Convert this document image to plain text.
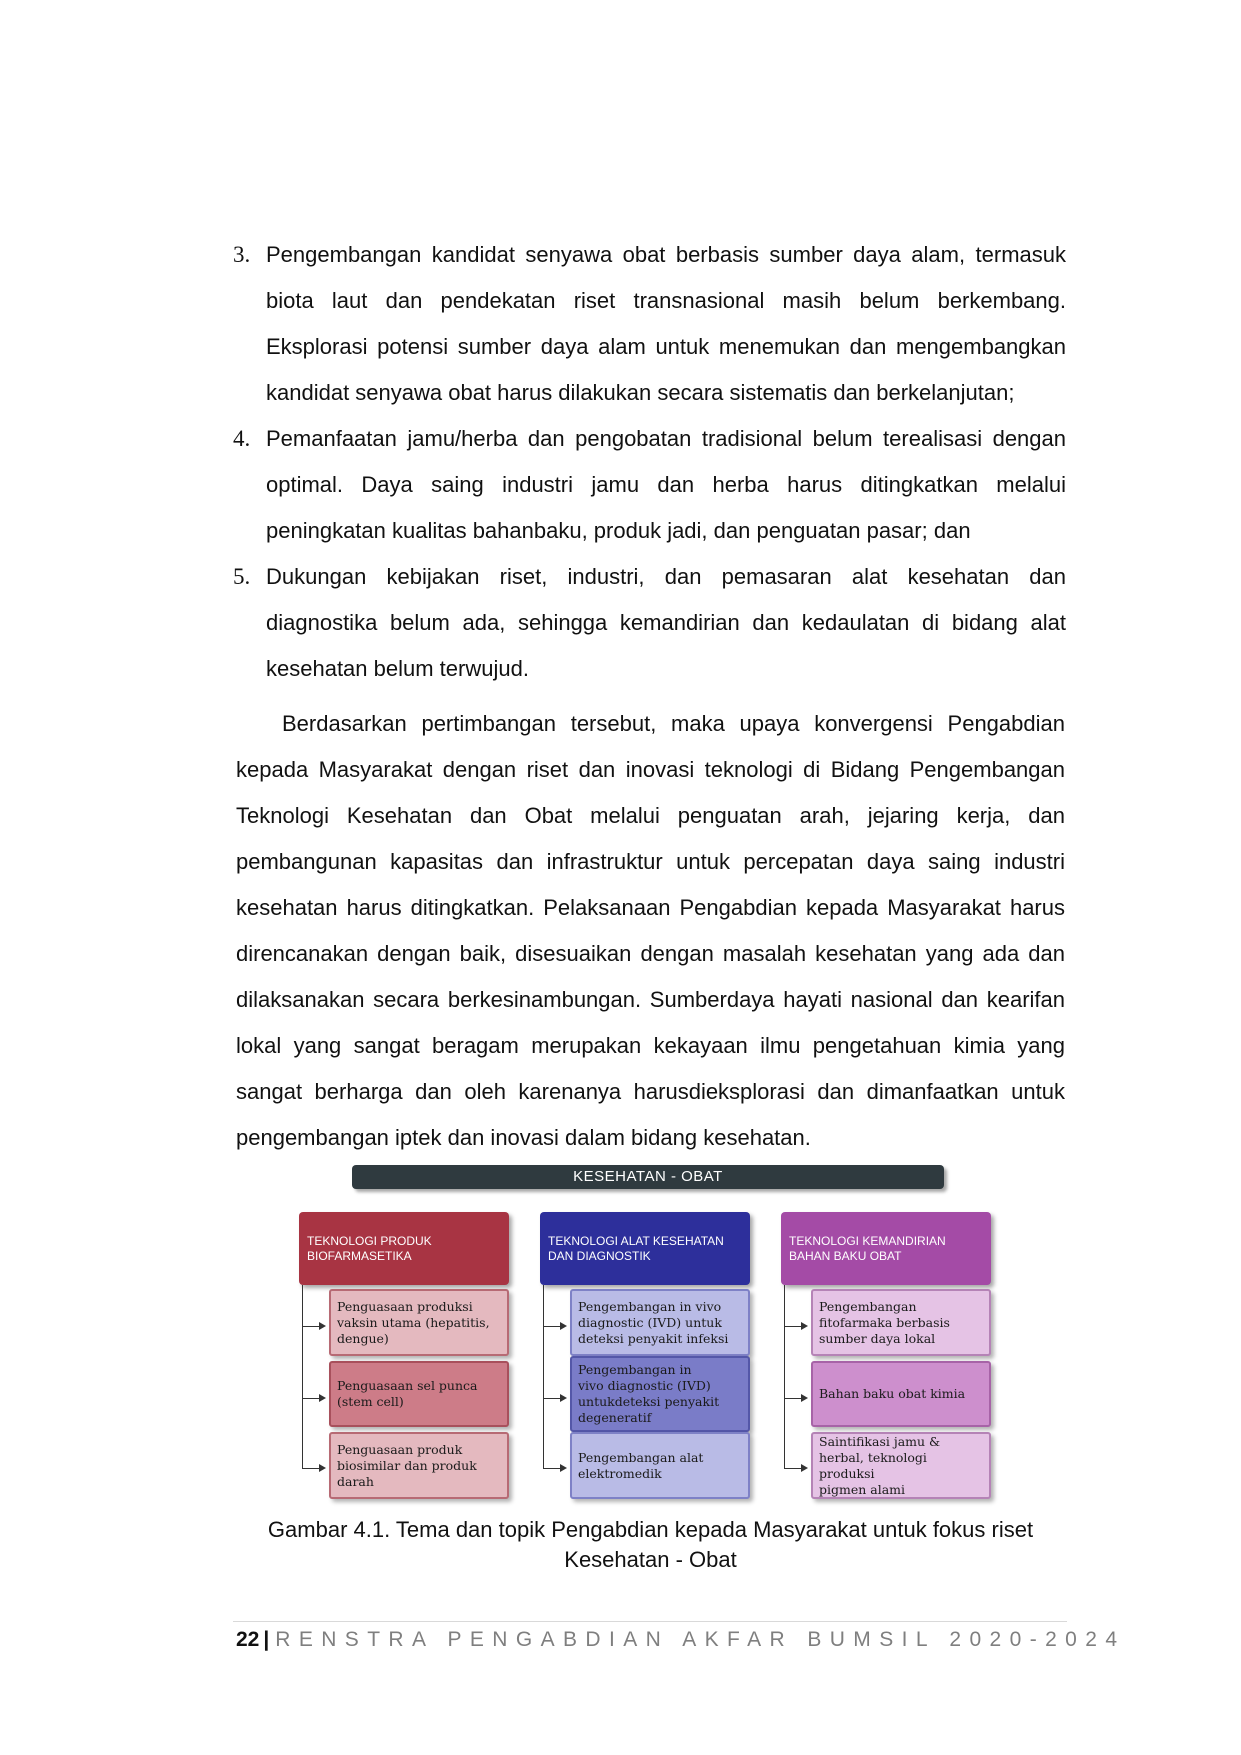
3. Pengembangan kandidat senyawa obat berbasis sumber daya alam, termasuk biota laut dan pendekatan riset transnasional masih belum berkembang. Eksplorasi potensi sumber daya alam untuk menemukan dan mengembangkan kandidat senyawa obat harus dilakukan secara sistematis dan berkelanjutan;
4. Pemanfaatan jamu/herba dan pengobatan tradisional belum terealisasi dengan optimal. Daya saing industri jamu dan herba harus ditingkatkan melalui peningkatan kualitas bahanbaku, produk jadi, dan penguatan pasar; dan
5. Dukungan kebijakan riset, industri, dan pemasaran alat kesehatan dan diagnostika belum ada, sehingga kemandirian dan kedaulatan di bidang alat kesehatan belum terwujud.

Berdasarkan pertimbangan tersebut, maka upaya konvergensi Pengabdian kepada Masyarakat dengan riset dan inovasi teknologi di Bidang Pengembangan Teknologi Kesehatan dan Obat melalui penguatan arah, jejaring kerja, dan pembangunan kapasitas dan infrastruktur untuk percepatan daya saing industri kesehatan harus ditingkatkan. Pelaksanaan Pengabdian kepada Masyarakat harus direncanakan dengan baik, disesuaikan dengan masalah kesehatan yang ada dan dilaksanakan secara berkesinambungan. Sumberdaya hayati nasional dan kearifan lokal yang sangat beragam merupakan kekayaan ilmu pengetahuan kimia yang sangat berharga dan oleh karenanya harusdieksplorasi dan dimanfaatkan untuk pengembangan iptek dan inovasi dalam bidang kesehatan.

KESEHATAN - OBAT
TEKNOLOGI PRODUK
BIOFARMASETIKA
Penguasaan produksi
vaksin utama (hepatitis,
dengue)
Penguasaan sel punca
(stem cell)
Penguasaan produk
biosimilar dan produk
darah
TEKNOLOGI ALAT KESEHATAN
DAN DIAGNOSTIK
Pengembangan in vivo
diagnostic (IVD) untuk
deteksi penyakit infeksi
Pengembangan in
vivo diagnostic (IVD)
untukdeteksi penyakit
degeneratif
Pengembangan alat
elektromedik
TEKNOLOGI KEMANDIRIAN
BAHAN BAKU OBAT
Pengembangan
fitofarmaka berbasis
sumber daya lokal
Bahan baku obat kimia
Saintifikasi jamu &
herbal, teknologi produksi
pigmen alami
Gambar 4.1. Tema dan topik Pengabdian kepada Masyarakat untuk fokus riset
Kesehatan - Obat
22 | RENSTRA PENGABDIAN AKFAR BUMSIL 2020-2024
